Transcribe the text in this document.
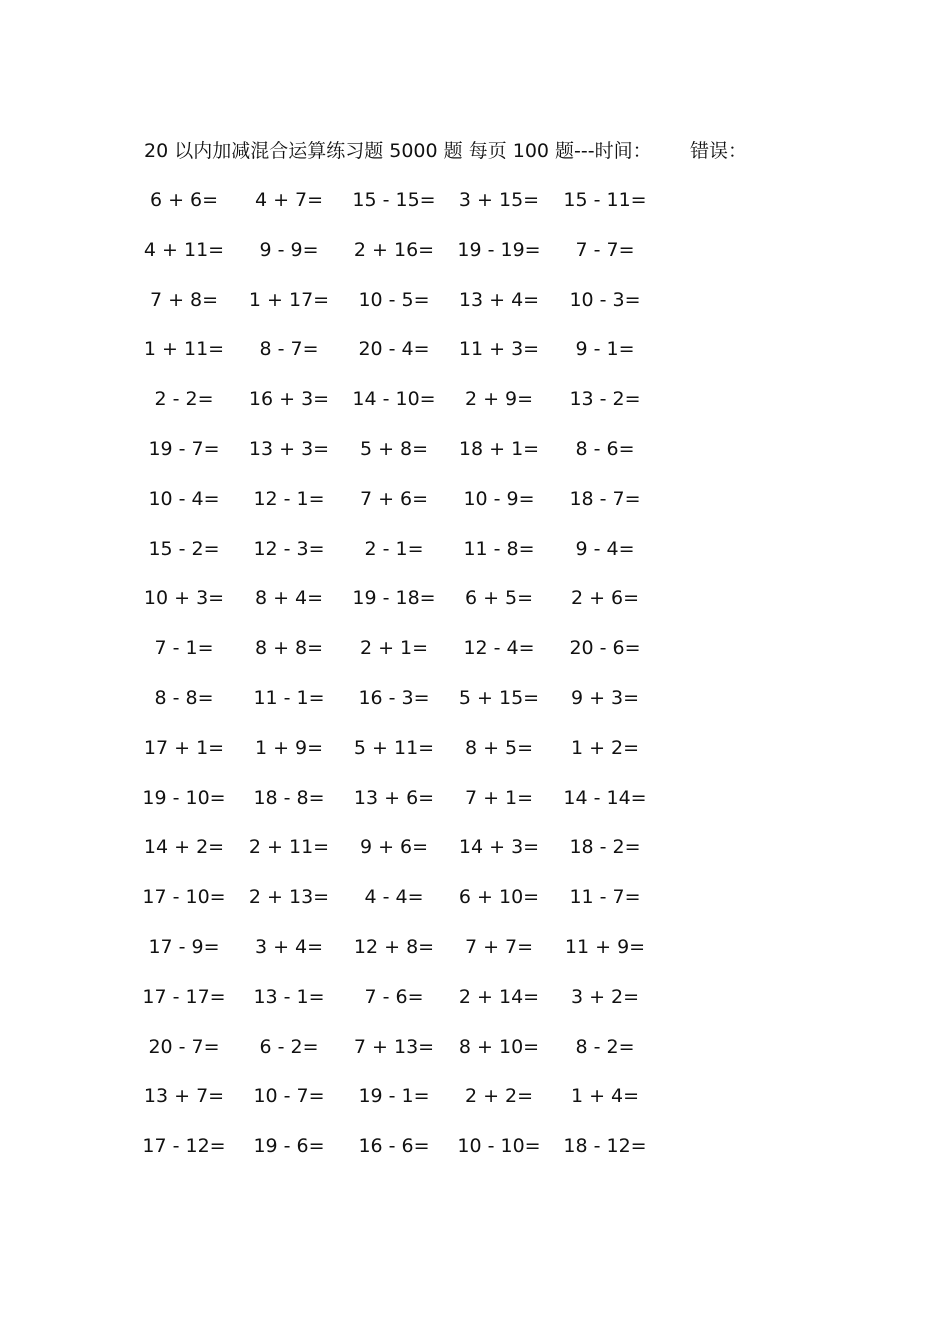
20 以内加减混合运算练习题 5000 题 每页 100 题---时间： 错误：
6 + 6=	4 + 7=	15 - 15=	3 + 15=	15 - 11=
4 + 11=	9 - 9=	2 + 16=	19 - 19=	7 - 7=
7 + 8=	1 + 17=	10 - 5=	13 + 4=	10 - 3=
1 + 11=	8 - 7=	20 - 4=	11 + 3=	9 - 1=
2 - 2=	16 + 3=	14 - 10=	2 + 9=	13 - 2=
19 - 7=	13 + 3=	5 + 8=	18 + 1=	8 - 6=
10 - 4=	12 - 1=	7 + 6=	10 - 9=	18 - 7=
15 - 2=	12 - 3=	2 - 1=	11 - 8=	9 - 4=
10 + 3=	8 + 4=	19 - 18=	6 + 5=	2 + 6=
7 - 1=	8 + 8=	2 + 1=	12 - 4=	20 - 6=
8 - 8=	11 - 1=	16 - 3=	5 + 15=	9 + 3=
17 + 1=	1 + 9=	5 + 11=	8 + 5=	1 + 2=
19 - 10=	18 - 8=	13 + 6=	7 + 1=	14 - 14=
14 + 2=	2 + 11=	9 + 6=	14 + 3=	18 - 2=
17 - 10=	2 + 13=	4 - 4=	6 + 10=	11 - 7=
17 - 9=	3 + 4=	12 + 8=	7 + 7=	11 + 9=
17 - 17=	13 - 1=	7 - 6=	2 + 14=	3 + 2=
20 - 7=	6 - 2=	7 + 13=	8 + 10=	8 - 2=
13 + 7=	10 - 7=	19 - 1=	2 + 2=	1 + 4=
17 - 12=	19 - 6=	16 - 6=	10 - 10=	18 - 12=
